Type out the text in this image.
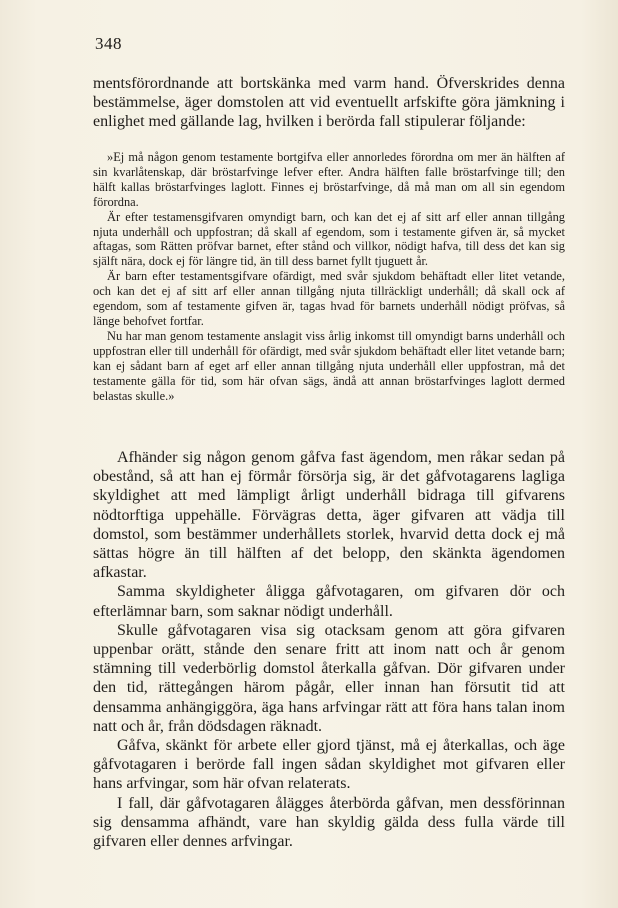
348

mentsförordnande att bortskänka med varm hand. Öfverskrides denna bestämmelse, äger domstolen att vid eventuellt arfskifte göra jämkning i enlighet med gällande lag, hvilken i berörda fall stipulerar följande:

»Ej må någon genom testamente bortgifva eller annorledes förordna om mer än hälften af sin kvarlåtenskap, där bröstarfvinge lefver efter. Andra hälften falle bröstarfvinge till; den hälft kallas bröstarfvinges laglott. Finnes ej bröstarfvinge, då må man om all sin egendom förordna.

Är efter testamensgifvaren omyndigt barn, och kan det ej af sitt arf eller annan tillgång njuta underhåll och uppfostran; då skall af egendom, som i testamente gifven är, så mycket aftagas, som Rätten pröfvar barnet, efter stånd och villkor, nödigt hafva, till dess det kan sig själft nära, dock ej för längre tid, än till dess barnet fyllt tjuguett år.

Är barn efter testamentsgifvare ofärdigt, med svår sjukdom behäftadt eller litet vetande, och kan det ej af sitt arf eller annan tillgång njuta tillräckligt underhåll; då skall ock af egendom, som af testamente gifven är, tagas hvad för barnets underhåll nödigt pröfvas, så länge behofvet fortfar.

Nu har man genom testamente anslagit viss årlig inkomst till omyndigt barns underhåll och uppfostran eller till underhåll för ofärdigt, med svår sjukdom behäftadt eller litet vetande barn; kan ej sådant barn af eget arf eller annan tillgång njuta underhåll eller uppfostran, må det testamente gälla för tid, som här ofvan sägs, ändå att annan bröstarfvinges laglott dermed belastas skulle.»

Afhänder sig någon genom gåfva fast ägendom, men råkar sedan på obestånd, så att han ej förmår försörja sig, är det gåfvotagarens lagliga skyldighet att med lämpligt årligt underhåll bidraga till gifvarens nödtorftiga uppehälle. Förvägras detta, äger gifvaren att vädja till domstol, som bestämmer underhållets storlek, hvarvid detta dock ej må sättas högre än till hälften af det belopp, den skänkta ägendomen afkastar.

Samma skyldigheter åligga gåfvotagaren, om gifvaren dör och efterlämnar barn, som saknar nödigt underhåll.

Skulle gåfvotagaren visa sig otacksam genom att göra gifvaren uppenbar orätt, stånde den senare fritt att inom natt och år genom stämning till vederbörlig domstol återkalla gåfvan. Dör gifvaren under den tid, rättegången härom pågår, eller innan han försutit tid att densamma anhängiggöra, äga hans arfvingar rätt att föra hans talan inom natt och år, från dödsdagen räknadt.

Gåfva, skänkt för arbete eller gjord tjänst, må ej återkallas, och äge gåfvotagaren i berörde fall ingen sådan skyldighet mot gifvaren eller hans arfvingar, som här ofvan relaterats.

I fall, där gåfvotagaren ålägges återbörda gåfvan, men dessförinnan sig densamma afhändt, vare han skyldig gälda dess fulla värde till gifvaren eller dennes arfvingar.
